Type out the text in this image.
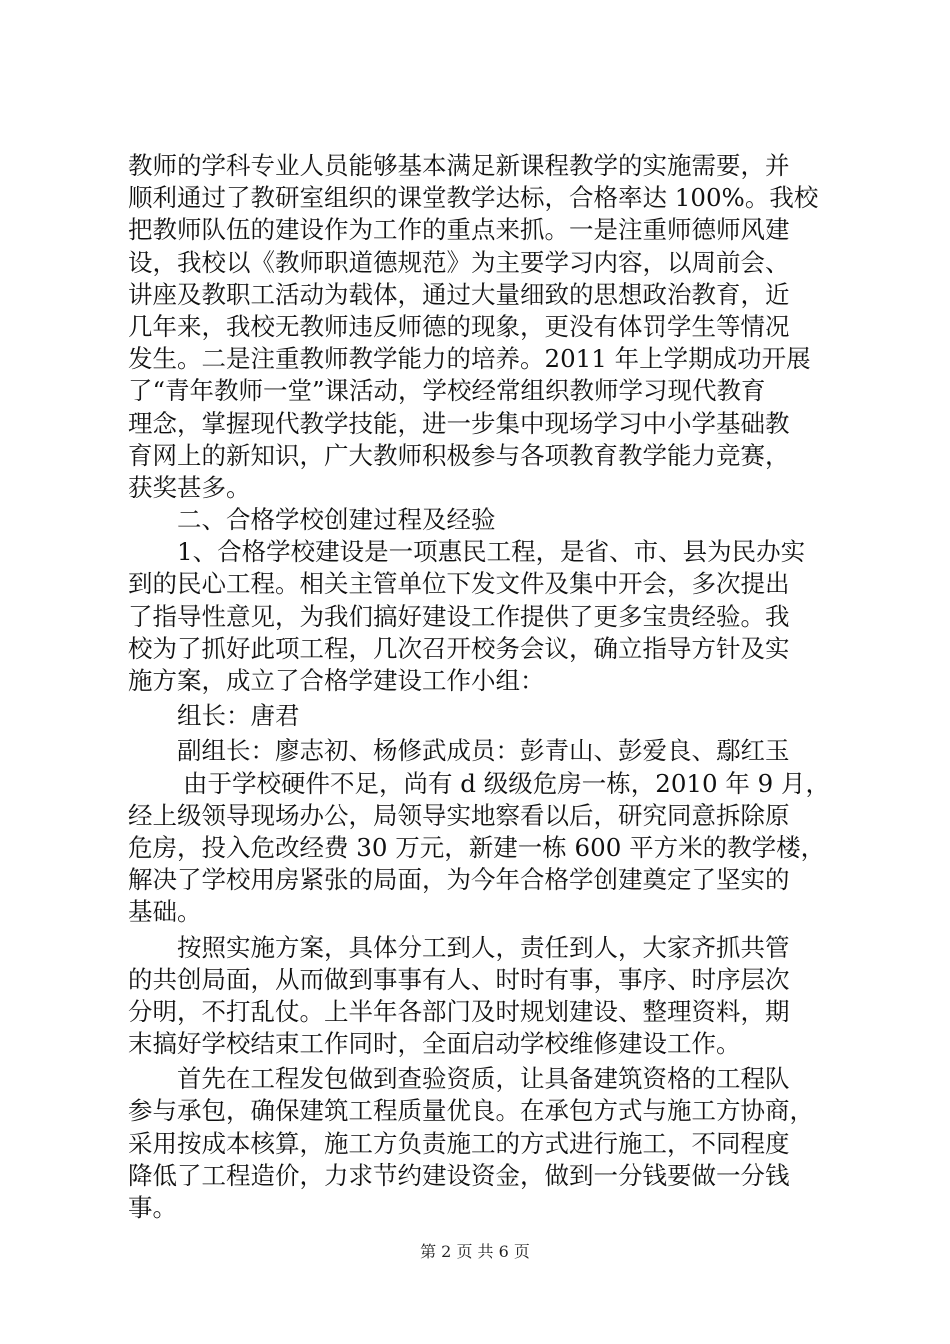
教师的学科专业人员能够基本满足新课程教学的实施需要，并
顺利通过了教研室组织的课堂教学达标，合格率达 100%。我校
把教师队伍的建设作为工作的重点来抓。一是注重师德师风建
设，我校以《教师职道德规范》为主要学习内容，以周前会、
讲座及教职工活动为载体，通过大量细致的思想政治教育，近
几年来，我校无教师违反师德的现象，更没有体罚学生等情况
发生。二是注重教师教学能力的培养。2011 年上学期成功开展
了“青年教师一堂”课活动，学校经常组织教师学习现代教育
理念，掌握现代教学技能，进一步集中现场学习中小学基础教
育网上的新知识，广大教师积极参与各项教育教学能力竞赛，
获奖甚多。
二、合格学校创建过程及经验
1、合格学校建设是一项惠民工程，是省、市、县为民办实
到的民心工程。相关主管单位下发文件及集中开会，多次提出
了指导性意见，为我们搞好建设工作提供了更多宝贵经验。我
校为了抓好此项工程，几次召开校务会议，确立指导方针及实
施方案，成立了合格学建设工作小组：
组长：唐君
副组长：廖志初、杨修武成员：彭青山、彭爱良、鄢红玉
由于学校硬件不足，尚有 d 级级危房一栋，2010 年 9 月，
经上级领导现场办公，局领导实地察看以后，研究同意拆除原
危房，投入危改经费 30 万元，新建一栋 600 平方米的教学楼，
解决了学校用房紧张的局面，为今年合格学创建奠定了坚实的
基础。
按照实施方案，具体分工到人，责任到人，大家齐抓共管
的共创局面，从而做到事事有人、时时有事，事序、时序层次
分明，不打乱仗。上半年各部门及时规划建设、整理资料，期
末搞好学校结束工作同时，全面启动学校维修建设工作。
首先在工程发包做到查验资质，让具备建筑资格的工程队
参与承包，确保建筑工程质量优良。在承包方式与施工方协商，
采用按成本核算，施工方负责施工的方式进行施工，不同程度
降低了工程造价，力求节约建设资金，做到一分钱要做一分钱
事。
第 2 页 共 6 页
